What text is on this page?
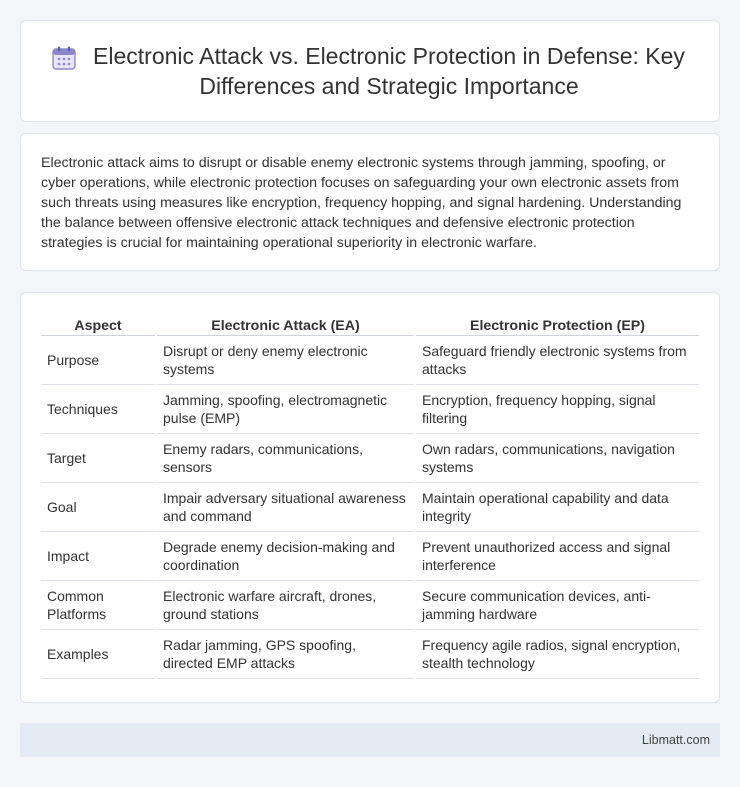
Electronic Attack vs. Electronic Protection in Defense: Key Differences and Strategic Importance

Electronic attack aims to disrupt or disable enemy electronic systems through jamming, spoofing, or cyber operations, while electronic protection focuses on safeguarding your own electronic assets from such threats using measures like encryption, frequency hopping, and signal hardening. Understanding the balance between offensive electronic attack techniques and defensive electronic protection strategies is crucial for maintaining operational superiority in electronic warfare.

Aspect	Electronic Attack (EA)	Electronic Protection (EP)
Purpose	Disrupt or deny enemy electronic systems	Safeguard friendly electronic systems from attacks
Techniques	Jamming, spoofing, electromagnetic pulse (EMP)	Encryption, frequency hopping, signal filtering
Target	Enemy radars, communications, sensors	Own radars, communications, navigation systems
Goal	Impair adversary situational awareness and command	Maintain operational capability and data integrity
Impact	Degrade enemy decision-making and coordination	Prevent unauthorized access and signal interference
Common Platforms	Electronic warfare aircraft, drones, ground stations	Secure communication devices, anti-jamming hardware
Examples	Radar jamming, GPS spoofing, directed EMP attacks	Frequency agile radios, signal encryption, stealth technology
Libmatt.com
